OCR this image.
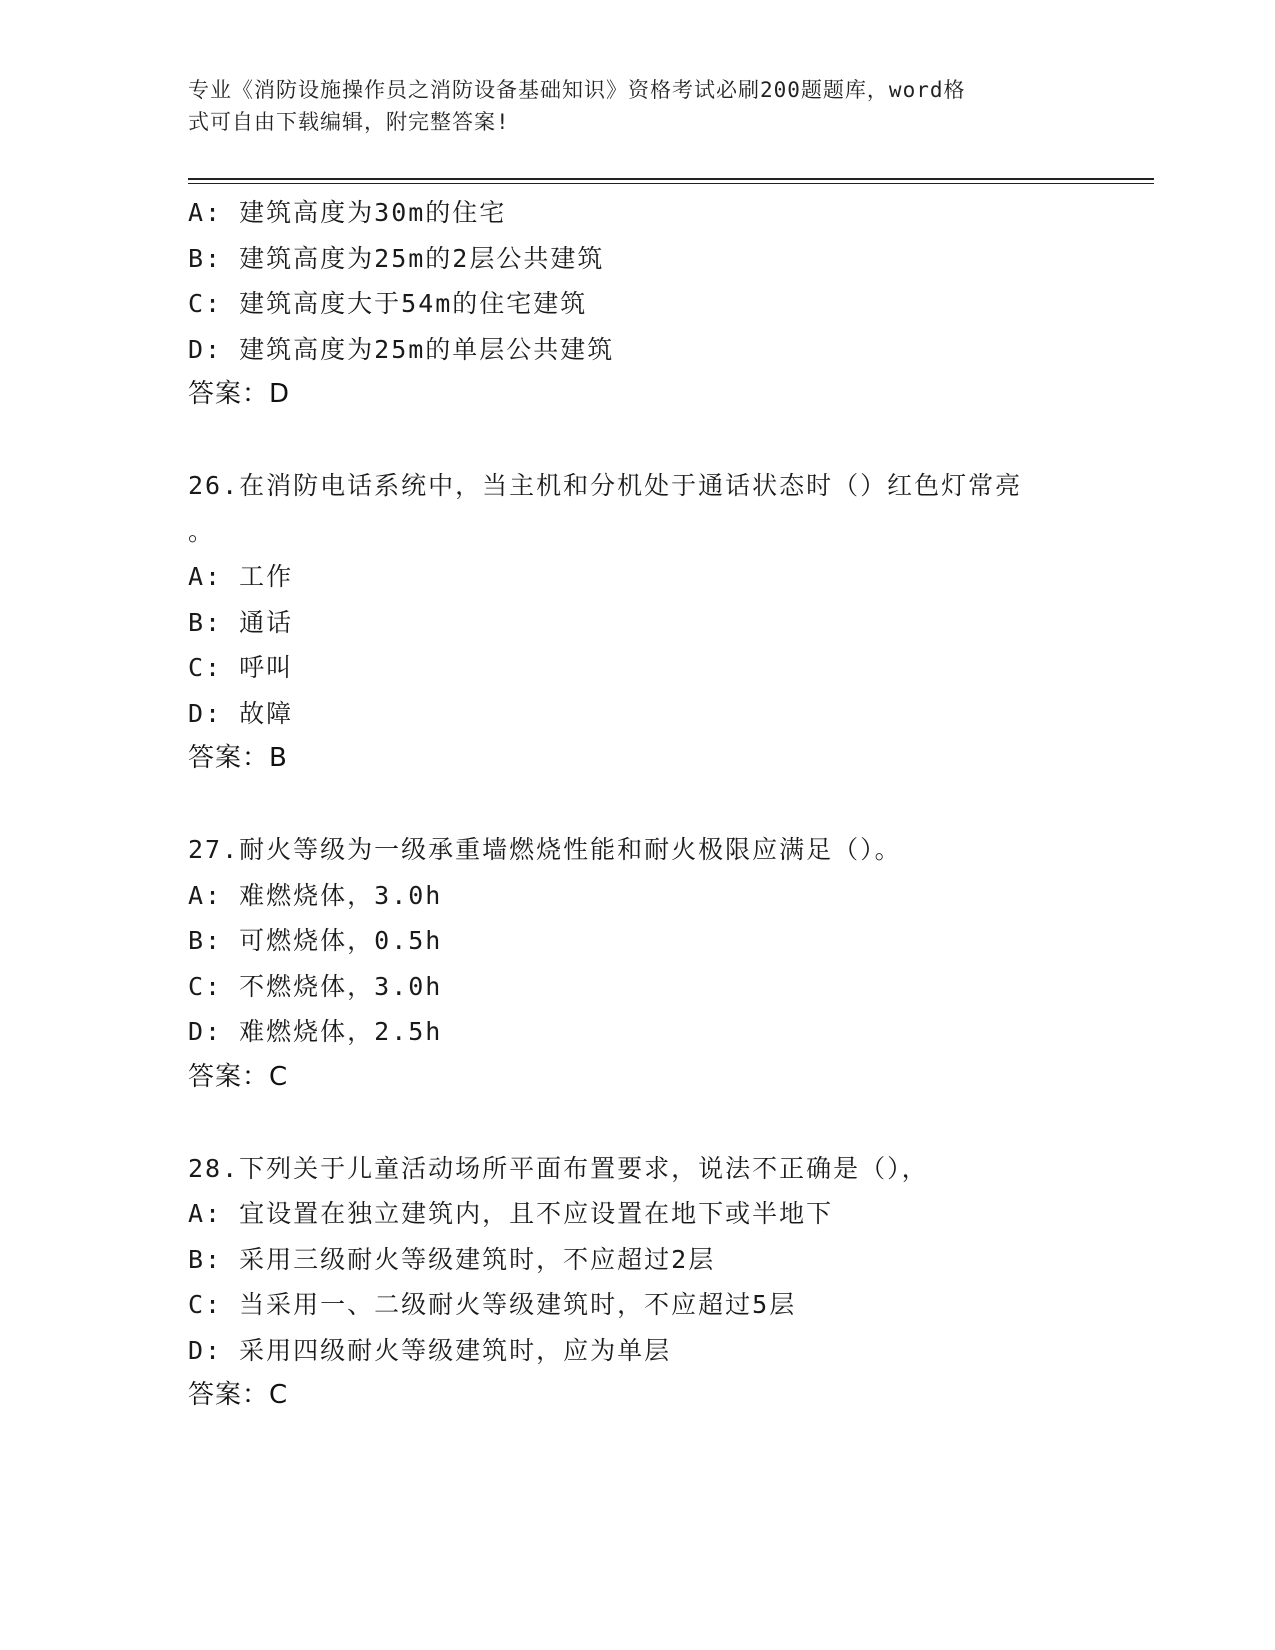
专业《消防设施操作员之消防设备基础知识》资格考试必刷200题题库，word格
式可自由下载编辑，附完整答案!
A: 建筑高度为30m的住宅
B: 建筑高度为25m的2层公共建筑
C: 建筑高度大于54m的住宅建筑
D: 建筑高度为25m的单层公共建筑
答案：D
26.在消防电话系统中，当主机和分机处于通话状态时（）红色灯常亮
。
A: 工作
B: 通话
C: 呼叫
D: 故障
答案：B
27.耐火等级为一级承重墙燃烧性能和耐火极限应满足（）。
A: 难燃烧体，3.0h
B: 可燃烧体，0.5h
C: 不燃烧体，3.0h
D: 难燃烧体，2.5h
答案：C
28.下列关于儿童活动场所平面布置要求，说法不正确是（），
A: 宜设置在独立建筑内，且不应设置在地下或半地下
B: 采用三级耐火等级建筑时，不应超过2层
C: 当采用一、二级耐火等级建筑时，不应超过5层
D: 采用四级耐火等级建筑时，应为单层
答案：C
